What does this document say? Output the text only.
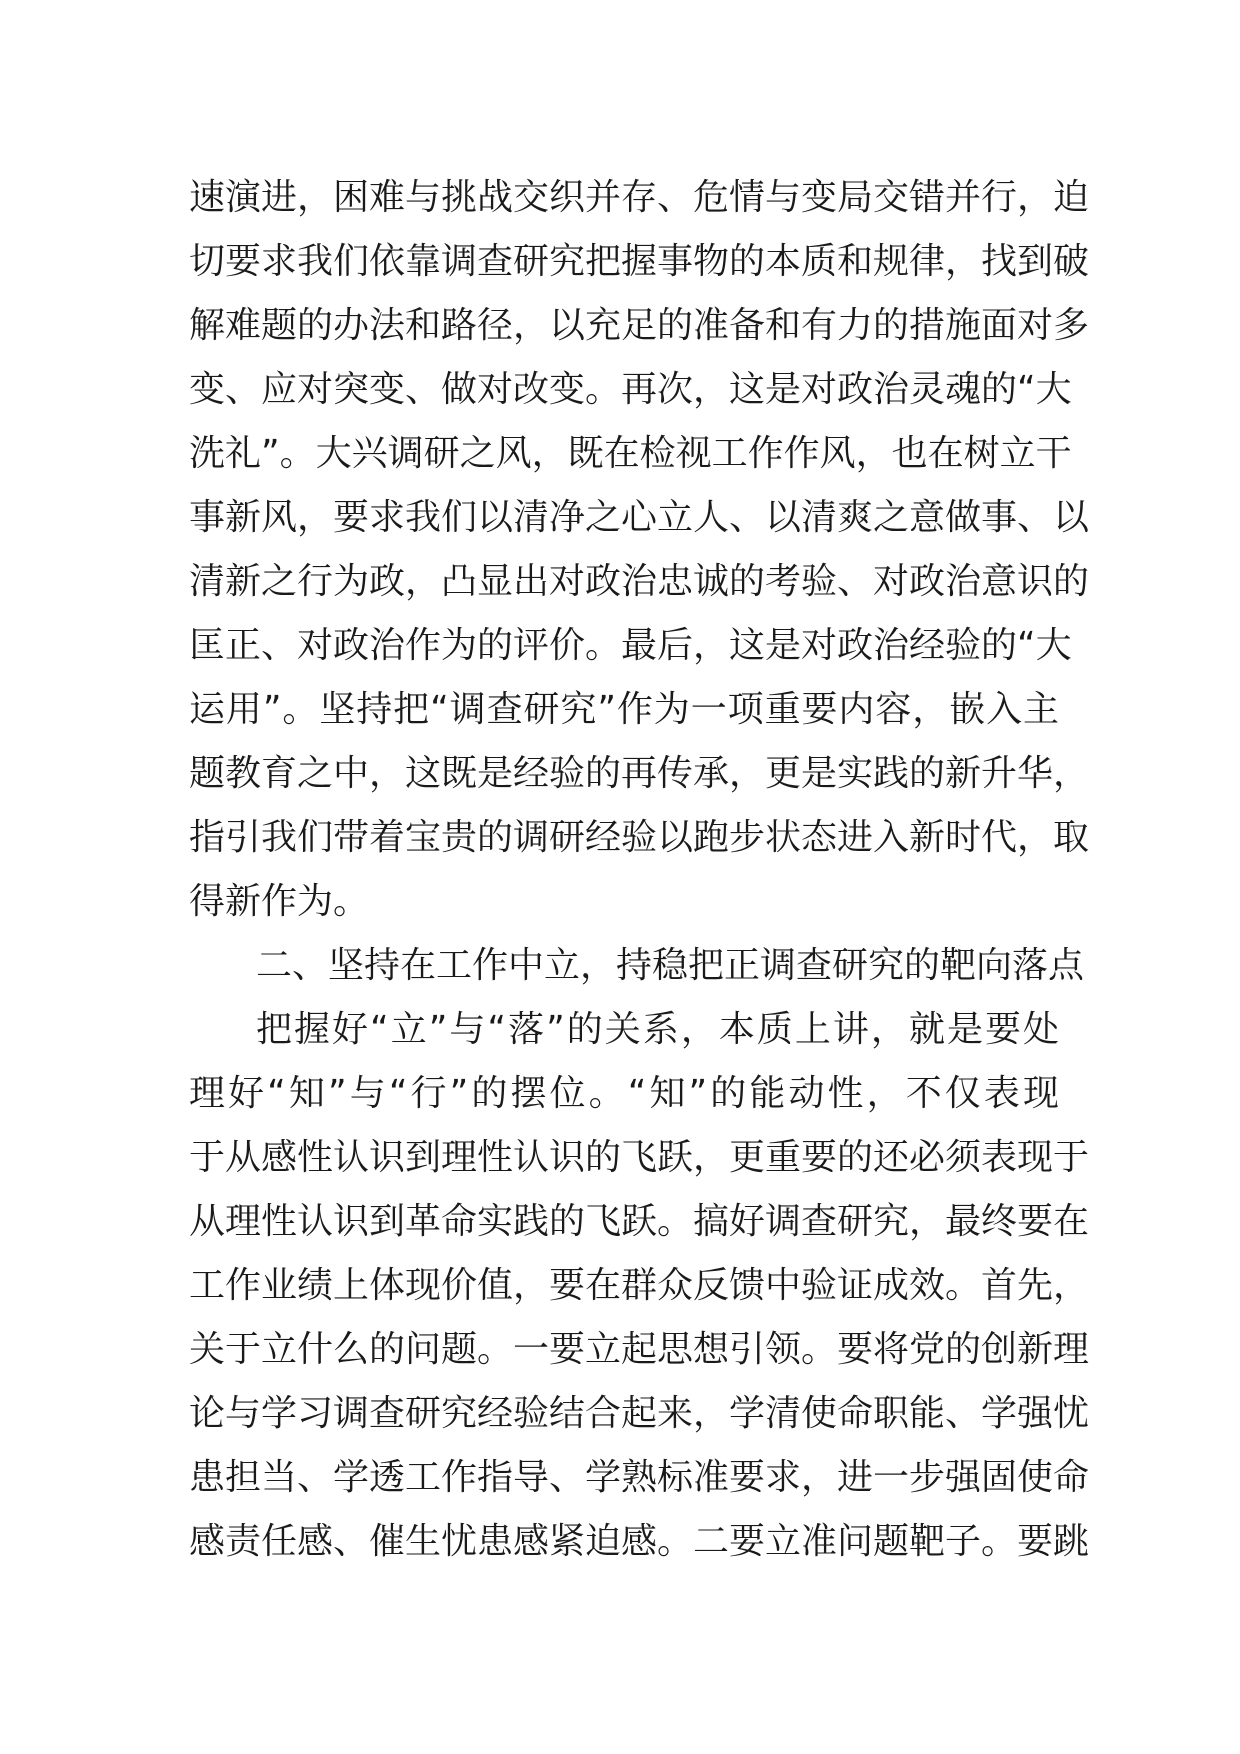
速演进，困难与挑战交织并存、危情与变局交错并行，迫
切要求我们依靠调查研究把握事物的本质和规律，找到破
解难题的办法和路径，以充足的准备和有力的措施面对多
变、应对突变、做对改变。再次，这是对政治灵魂的“大
洗礼”。大兴调研之风，既在检视工作作风，也在树立干
事新风，要求我们以清净之心立人、以清爽之意做事、以
清新之行为政，凸显出对政治忠诚的考验、对政治意识的
匡正、对政治作为的评价。最后，这是对政治经验的“大
运用”。坚持把“调查研究”作为一项重要内容，嵌入主
题教育之中，这既是经验的再传承，更是实践的新升华，
指引我们带着宝贵的调研经验以跑步状态进入新时代，取
得新作为。
二、坚持在工作中立，持稳把正调查研究的靶向落点
把握好“立”与“落”的关系，本质上讲，就是要处
理好“知”与“行”的摆位。“知”的能动性，不仅表现
于从感性认识到理性认识的飞跃，更重要的还必须表现于
从理性认识到革命实践的飞跃。搞好调查研究，最终要在
工作业绩上体现价值，要在群众反馈中验证成效。首先，
关于立什么的问题。一要立起思想引领。要将党的创新理
论与学习调查研究经验结合起来，学清使命职能、学强忧
患担当、学透工作指导、学熟标准要求，进一步强固使命
感责任感、催生忧患感紧迫感。二要立准问题靶子。要跳
